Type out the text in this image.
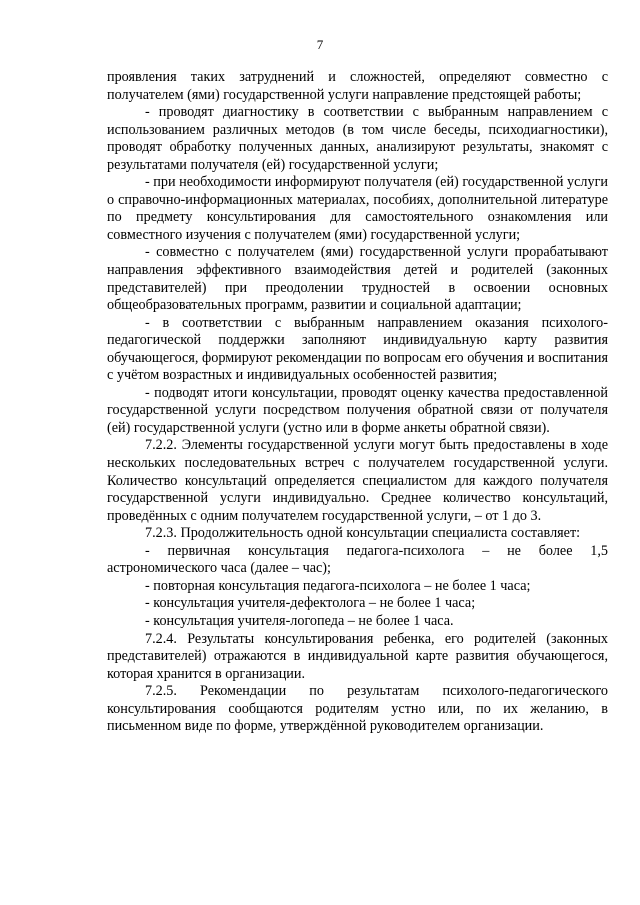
7

проявления таких затруднений и сложностей, определяют совместно с получателем (ями) государственной услуги направление предстоящей работы;

- проводят диагностику в соответствии с выбранным направлением с использованием различных методов (в том числе беседы, психодиагностики), проводят обработку полученных данных, анализируют результаты, знакомят с результатами получателя (ей) государственной услуги;

- при необходимости информируют получателя (ей) государственной услуги о справочно-информационных материалах, пособиях, дополнительной литературе по предмету консультирования для самостоятельного ознакомления или совместного изучения с получателем (ями) государственной услуги;

- совместно с получателем (ями) государственной услуги прорабатывают направления эффективного взаимодействия детей и родителей (законных представителей) при преодолении трудностей в освоении основных общеобразовательных программ, развитии и социальной адаптации;

- в соответствии с выбранным направлением оказания психолого-педагогической поддержки заполняют индивидуальную карту развития обучающегося, формируют рекомендации по вопросам его обучения и воспитания с учётом возрастных и индивидуальных особенностей развития;

- подводят итоги консультации, проводят оценку качества предоставленной государственной услуги посредством получения обратной связи от получателя (ей) государственной услуги (устно или в форме анкеты обратной связи).

7.2.2. Элементы государственной услуги могут быть предоставлены в ходе нескольких последовательных встреч с получателем государственной услуги. Количество консультаций определяется специалистом для каждого получателя государственной услуги индивидуально. Среднее количество консультаций, проведённых с одним получателем государственной услуги, – от 1 до 3.

7.2.3. Продолжительность одной консультации специалиста составляет:

- первичная консультация педагога-психолога – не более 1,5 астрономического часа (далее – час);

- повторная консультация педагога-психолога – не более 1 часа;

- консультация учителя-дефектолога – не более 1 часа;

- консультация учителя-логопеда – не более 1 часа.

7.2.4. Результаты консультирования ребенка, его родителей (законных представителей) отражаются в индивидуальной карте развития обучающегося, которая хранится в организации.

7.2.5. Рекомендации по результатам психолого-педагогического консультирования сообщаются родителям устно или, по их желанию, в письменном виде по форме, утверждённой руководителем организации.
